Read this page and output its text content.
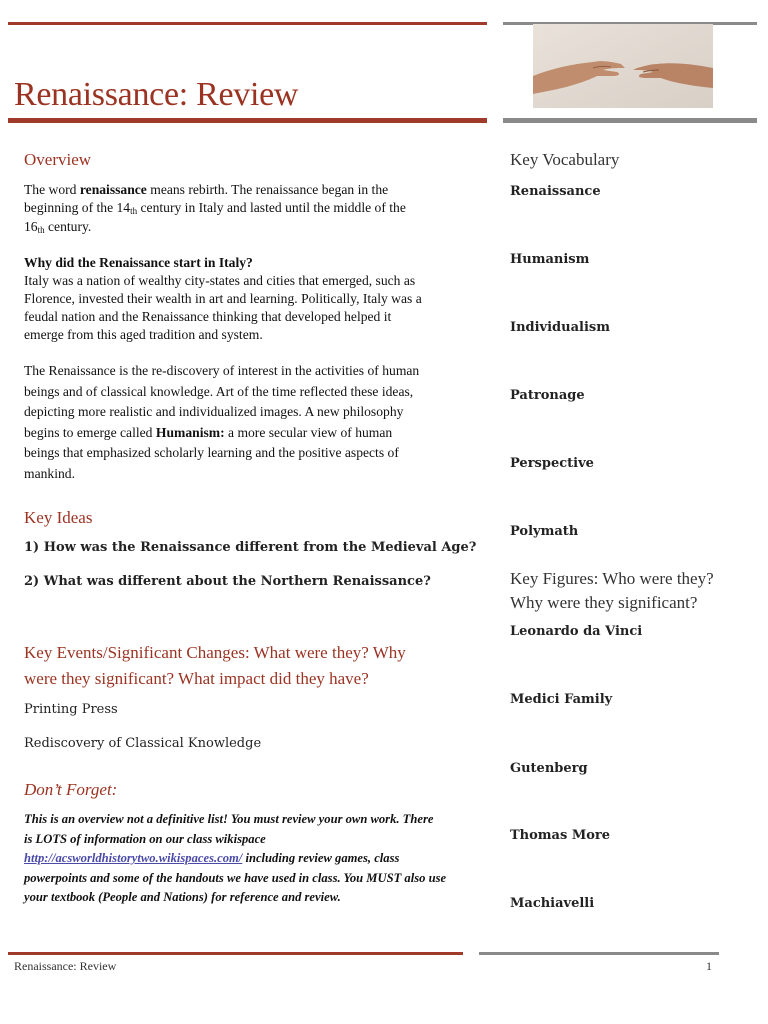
Renaissance: Review
Overview
The word renaissance means rebirth. The renaissance began in the
beginning of the 14th century in Italy and lasted until the middle of the
16th century.
Why did the Renaissance start in Italy?
Italy was a nation of wealthy city-states and cities that emerged, such as
Florence, invested their wealth in art and learning. Politically, Italy was a
feudal nation and the Renaissance thinking that developed helped it
emerge from this aged tradition and system.
The Renaissance is the re-discovery of interest in the activities of human
beings and of classical knowledge. Art of the time reflected these ideas,
depicting more realistic and individualized images. A new philosophy
begins to emerge called Humanism: a more secular view of human
beings that emphasized scholarly learning and the positive aspects of
mankind.
Key Ideas
1) How was the Renaissance different from the Medieval Age?
2) What was different about the Northern Renaissance?
Key Events/Significant Changes: What were they? Why
were they significant? What impact did they have?
Printing Press
Rediscovery of Classical Knowledge
Don’t Forget:
This is an overview not a definitive list! You must review your own work. There
is LOTS of information on our class wikispace
http://acsworldhistorytwo.wikispaces.com/ including review games, class
powerpoints and some of the handouts we have used in class. You MUST also use
your textbook (People and Nations) for reference and review.
Key Vocabulary
Renaissance
Humanism
Individualism
Patronage
Perspective
Polymath
Key Figures: Who were they?
Why were they significant?
Leonardo da Vinci
Medici Family
Gutenberg
Thomas More
Machiavelli
Renaissance: Review	1
